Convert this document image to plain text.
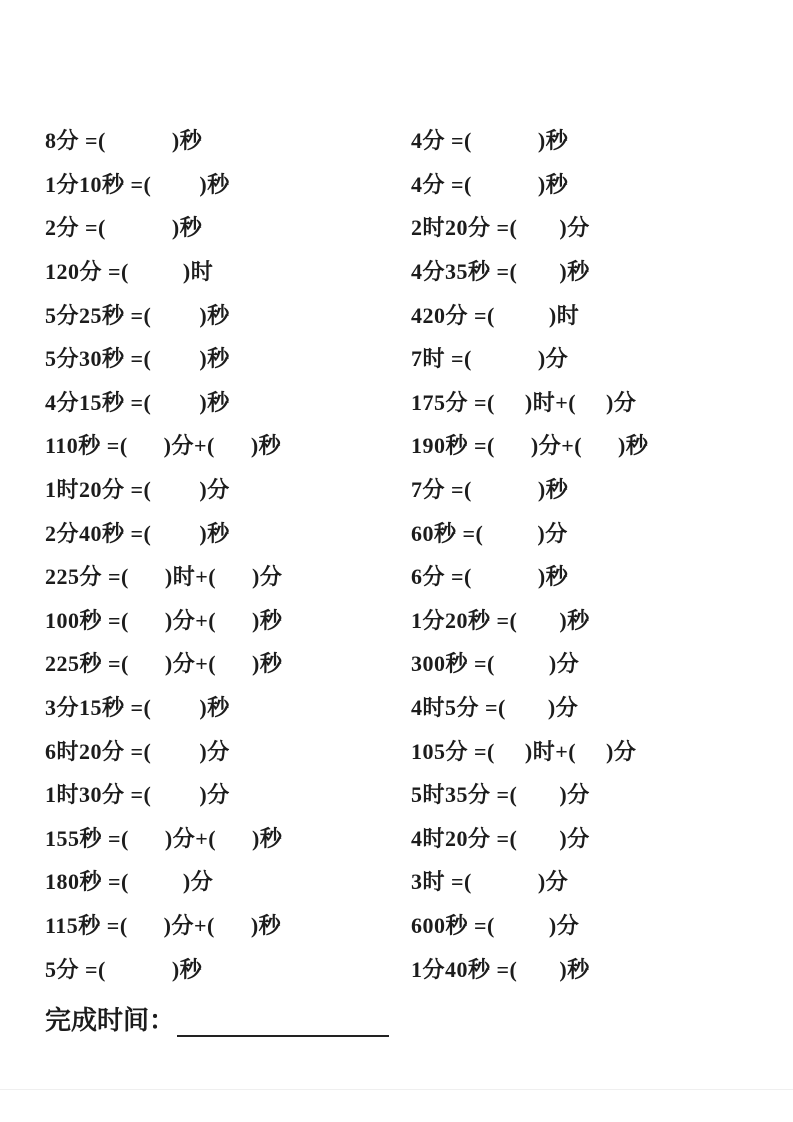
8分 =(           )秒
1分10秒 =(        )秒
2分 =(           )秒
120分 =(         )时
5分25秒 =(        )秒
5分30秒 =(        )秒
4分15秒 =(        )秒
110秒 =(      )分+(      )秒
1时20分 =(        )分
2分40秒 =(        )秒
225分 =(      )时+(      )分
100秒 =(      )分+(      )秒
225秒 =(      )分+(      )秒
3分15秒 =(        )秒
6时20分 =(        )分
1时30分 =(        )分
155秒 =(      )分+(      )秒
180秒 =(         )分
115秒 =(      )分+(      )秒
5分 =(           )秒
4分 =(           )秒
4分 =(           )秒
2时20分 =(       )分
4分35秒 =(       )秒
420分 =(         )时
7时 =(           )分
175分 =(     )时+(     )分
190秒 =(      )分+(      )秒
7分 =(           )秒
60秒 =(         )分
6分 =(           )秒
1分20秒 =(       )秒
300秒 =(         )分
4时5分 =(       )分
105分 =(     )时+(     )分
5时35分 =(       )分
4时20分 =(       )分
3时 =(           )分
600秒 =(         )分
1分40秒 =(       )秒
完成时间：
